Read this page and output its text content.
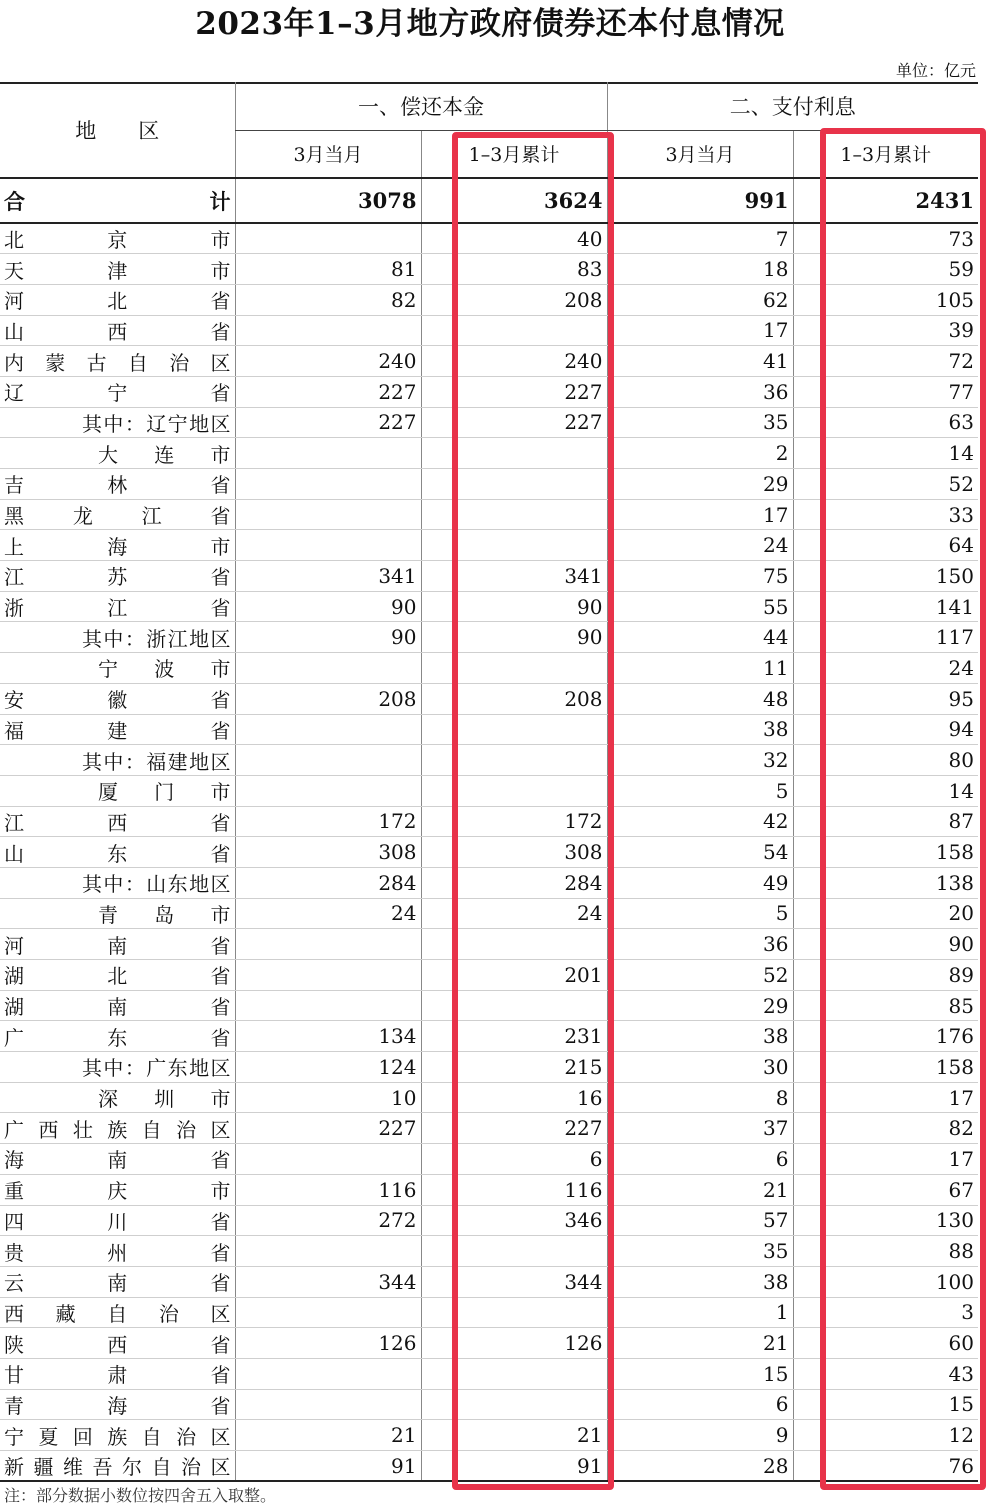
2023年1–3月地方政府债券还本付息情况
单位：亿元
地　　区	一、偿还本金		二、支付利息	
	3月当月	1–3月累计	3月当月	1–3月累计

合计	3078	3624	991	2431

北京市		40	7	73

天津市	81	83	18	59

河北省	82	208	62	105

山西省			17	39

内蒙古自治区	240	240	41	72

辽宁省	227	227	36	77

其中：辽宁地区	227	227	35	63

大连市			2	14

吉林省			29	52

黑龙江省			17	33

上海市			24	64

江苏省	341	341	75	150

浙江省	90	90	55	141

其中：浙江地区	90	90	44	117

宁波市			11	24

安徽省	208	208	48	95

福建省			38	94

其中：福建地区			32	80

厦门市			5	14

江西省	172	172	42	87

山东省	308	308	54	158

其中：山东地区	284	284	49	138

青岛市	24	24	5	20

河南省			36	90

湖北省		201	52	89

湖南省			29	85

广东省	134	231	38	176

其中：广东地区	124	215	30	158

深圳市	10	16	8	17

广西壮族自治区	227	227	37	82

海南省		6	6	17

重庆市	116	116	21	67

四川省	272	346	57	130

贵州省			35	88

云南省	344	344	38	100

西藏自治区			1	3

陕西省	126	126	21	60

甘肃省			15	43

青海省			6	15

宁夏回族自治区	21	21	9	12

新疆维吾尔自治区	91	91	28	76
注：部分数据小数位按四舍五入取整。
